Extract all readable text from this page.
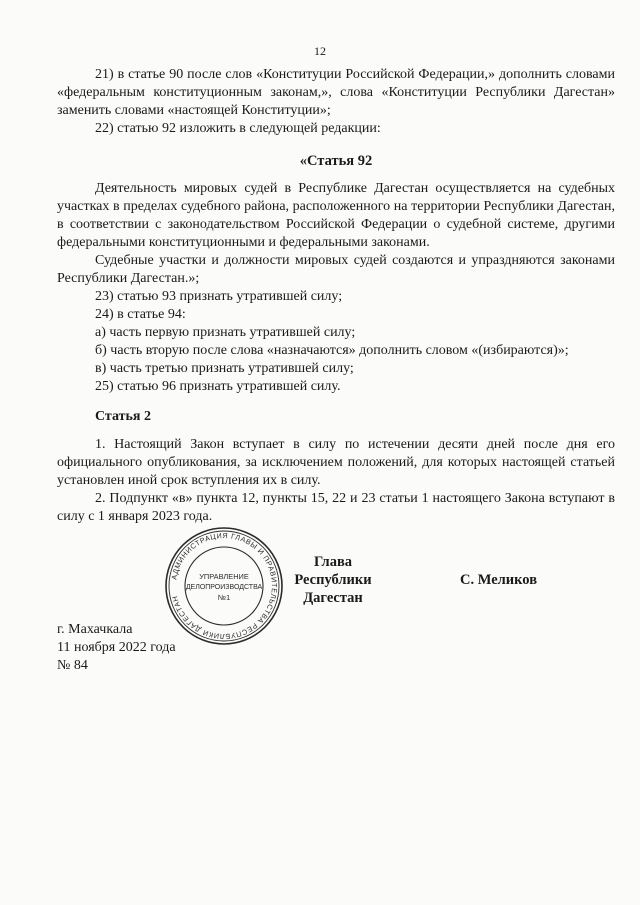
12

21) в статье 90 после слов «Конституции Российской Федерации,» дополнить словами «федеральным конституционным законам,», слова «Конституции Республики Дагестан» заменить словами «настоящей Конституции»;

22) статью 92 изложить в следующей редакции:

«Статья 92

Деятельность мировых судей в Республике Дагестан осуществляется на судебных участках в пределах судебного района, расположенного на территории Республики Дагестан, в соответствии с законодательством Российской Федерации о судебной системе, другими федеральными конституционными и федеральными законами.

Судебные участки и должности мировых судей создаются и упраздняются законами Республики Дагестан.»;

23) статью 93 признать утратившей силу;

24) в статье 94:

а) часть первую признать утратившей силу;

б) часть вторую после слова «назначаются» дополнить словом «(избираются)»;

в) часть третью признать утратившей силу;

25) статью 96 признать утратившей силу.

Статья 2

1. Настоящий Закон вступает в силу по истечении десяти дней после дня его официального опубликования, за исключением положений, для которых настоящей статьей установлен иной срок вступления их в силу.

2. Подпункт «в» пункта 12, пункты 15, 22 и 23 статьи 1 настоящего Закона вступают в силу с 1 января 2023 года.

АДМИНИСТРАЦИЯ ГЛАВЫ И ПРАВИТЕЛЬСТВА РЕСПУБЛИКИ ДАГЕСТАН
УПРАВЛЕНИЕ
ДЕЛОПРОИЗВОДСТВА
№1
Глава
Республики Дагестан
С. Меликов
г. Махачкала
11 ноября 2022 года
№ 84
